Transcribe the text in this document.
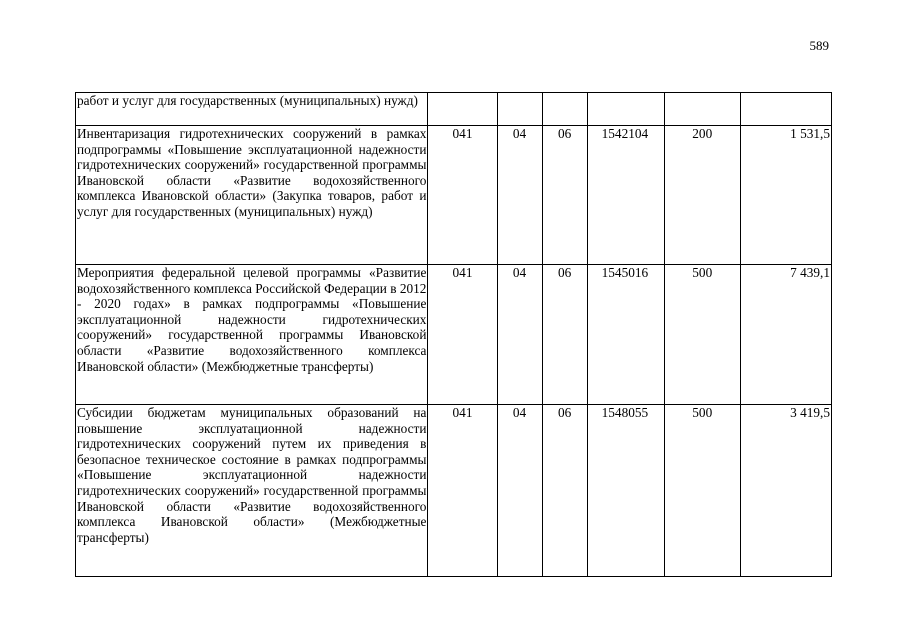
589
работ и услуг для государственных (муниципальных) нужд)						
Инвентаризация гидротехнических сооружений в рамках подпрограммы «Повышение эксплуатационной надежности гидротехнических сооружений» государственной программы Ивановской области «Развитие водохозяйственного комплекса Ивановской области» (Закупка товаров, работ и услуг для государственных (муниципальных) нужд)	041	04	06	1542104	200	1 531,5
Мероприятия федеральной целевой программы «Развитие водохозяйственного комплекса Российской Федерации в 2012 - 2020 годах» в рамках подпрограммы «Повышение эксплуатационной надежности гидротехнических сооружений» государственной программы Ивановской области «Развитие водохозяйственного комплекса Ивановской области» (Межбюджетные трансферты)	041	04	06	1545016	500	7 439,1
Субсидии бюджетам муниципальных образований на повышение эксплуатационной надежности гидротехнических сооружений путем их приведения в безопасное техническое состояние в рамках подпрограммы «Повышение эксплуатационной надежности гидротехнических сооружений» государственной программы Ивановской области «Развитие водохозяйственного комплекса Ивановской области» (Межбюджетные трансферты)	041	04	06	1548055	500	3 419,5
